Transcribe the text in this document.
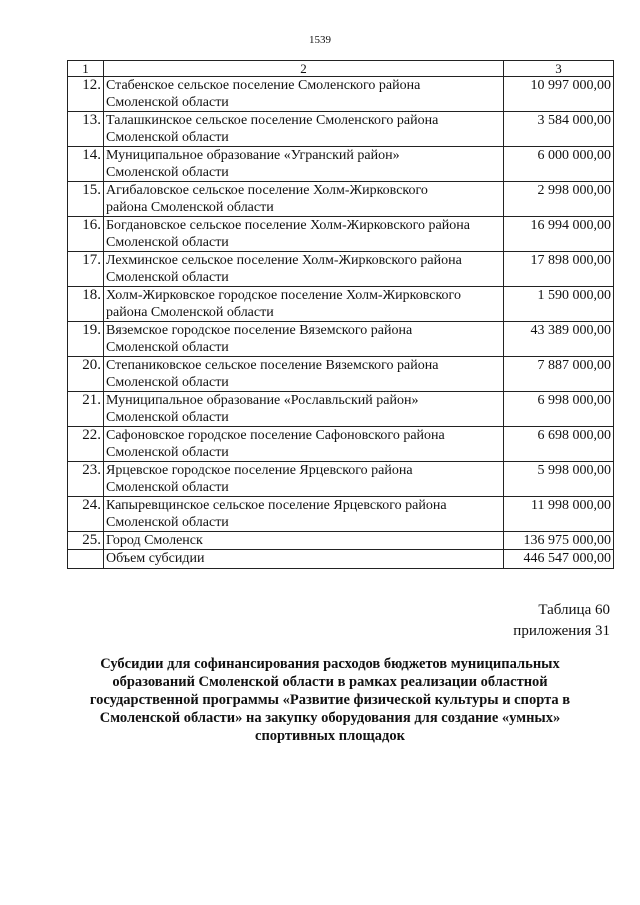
1539
1	2	3
12.	Стабенское сельское поселение Смоленского района
Смоленской области	10 997 000,00
13.	Талашкинское сельское поселение Смоленского района
Смоленской области	3 584 000,00
14.	Муниципальное образование «Угранский район»
Смоленской области	6 000 000,00
15.	Агибаловское сельское поселение Холм-Жирковского
района Смоленской области	2 998 000,00
16.	Богдановское сельское поселение Холм-Жирковского района
Смоленской области	16 994 000,00
17.	Лехминское сельское поселение Холм-Жирковского района
Смоленской области	17 898 000,00
18.	Холм-Жирковское городское поселение Холм-Жирковского
района Смоленской области	1 590 000,00
19.	Вяземское городское поселение Вяземского района
Смоленской области	43 389 000,00
20.	Степаниковское сельское поселение Вяземского района
Смоленской области	7 887 000,00
21.	Муниципальное образование «Рославльский район»
Смоленской области	6 998 000,00
22.	Сафоновское городское поселение Сафоновского района
Смоленской области	6 698 000,00
23.	Ярцевское городское поселение Ярцевского района
Смоленской области	5 998 000,00
24.	Капыревщинское сельское поселение Ярцевского района
Смоленской области	11 998 000,00
25.	Город Смоленск	136 975 000,00
	Объем субсидии	446 547 000,00
Таблица 60
приложения 31
Субсидии для софинансирования расходов бюджетов муниципальных
образований Смоленской области в рамках реализации областной
государственной программы «Развитие физической культуры и спорта в
Смоленской области» на закупку оборудования для создание «умных»
спортивных площадок
